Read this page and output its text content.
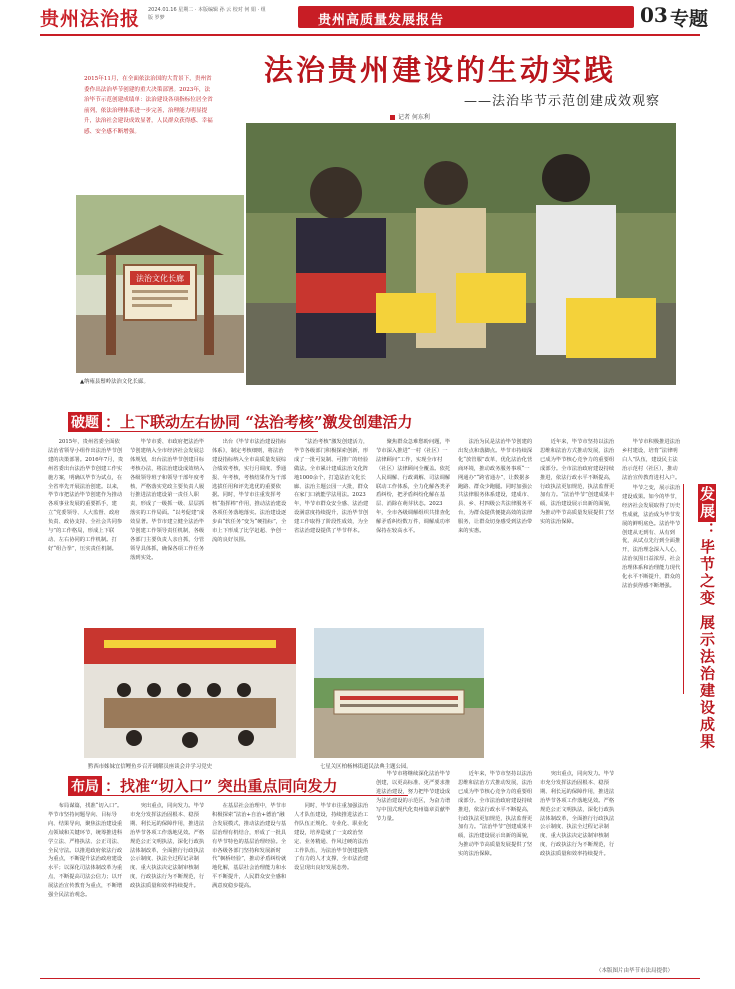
贵州法治报 2024.01.16 星期二 · 本版编辑 孙 云 校对 何 娟 · 组版 罗梦	贵州高质量发展报告	03 专题
法治贵州建设的生动实践
——法治毕节示范创建成效观察
记者 何东利
2015年11月，在全面依法治国的大背景下，贵州省委作出法治毕节创建的重大决策部署。2023年，法治毕节示范创建成绩单：法治建设各项指标位居全省前列，依法治理体系进一步完善，治理能力明显提升，法治社会建设成效显著，人民群众获得感、幸福感、安全感不断增强。
法治文化长廊
▲纳雍县鬃岭法治文化长廊。
破题 ：上下联动左右协同 “法治考核”激发创建活力
2015年，贵州省委全面依法治省领导小组作出法治毕节创建的决策部署。2016年7月，贵州省委出台法治毕节创建工作实施方案，明确以毕节为试点，在全省率先开展法治创建。以来，毕节市把法治毕节创建作为推动各项事业发展的重要抓手，建立“党委领导、人大监督、政府负责、政协支持、全社会共同参与”的工作格局，形成上下联动、左右协同的工作机制。打好“组合拳”，压实责任机制。
毕节市委、市政府把法治毕节创建纳入全市经济社会发展总体规划，出台法治毕节创建目标考核办法，将法治建设成效纳入各级领导班子和领导干部年度考核，严格落实党政主要负责人履行推进法治建设第一责任人职责，形成了一级抓一级、层层抓落实的工作局面。“以考促建”成效显著。毕节市建立健全法治毕节创建工作领导责任机制，各级各部门主要负责人亲自抓，分管领导具体抓，确保各项工作任务落到实处。
出台《毕节市法治建设指标体系》，制定考核细则，将法治建设指标纳入全市高质量发展综合绩效考核，实行月调度、季通报、年考核，考核结果作为干部选拔任用和评先选优的重要依据。同时，毕节市注重发挥考核“指挥棒”作用，推动法治建设各项任务落地落实。法治建设逐步由“软任务”变为“硬指标”，全市上下形成了比学赶超、争创一流的良好氛围。
“法治考核”激发创建活力，毕节各级部门积极探索创新，形成了一批可复制、可推广的经验做法。全市累计建成法治文化阵地1000余个，打造法治文化长廊、法治主题公园一大批，群众在家门口就能学法用法。2023年，毕节市群众安全感、法治建设满意度持续提升，法治毕节创建工作取得了阶段性成效，为全省法治建设提供了毕节样本。
聚焦群众急难愁盼问题，毕节市深入推进“一村（社区）一法律顾问”工作，实现全市村（社区）法律顾问全覆盖。依托人民调解、行政调解、司法调解联动工作体系，全力化解各类矛盾纠纷，把矛盾纠纷化解在基层、消除在萌芽状态。2023年，全市各级调解组织共排查化解矛盾纠纷数万件，调解成功率保持在较高水平。
法治为民是法治毕节创建的出发点和落脚点。毕节市持续深化“放管服”改革，优化法治化营商环境，推动政务服务事项“一网通办”“跨省通办”，让数据多跑路、群众少跑腿。同时加强公共法律服务体系建设，建成市、县、乡、村四级公共法律服务平台，为群众提供便捷高效的法律服务，让群众切身感受到法治带来的实惠。
近年来，毕节市坚持以法治思维和法治方式推动发展，法治已成为毕节核心竞争力的重要组成部分。全市法治政府建设持续推进，依法行政水平不断提高，行政执法更加规范，执法监督更加有力。“法治毕节”创建成果丰硕，法治建设展示出新的面貌，为推动毕节高质量发展提供了坚实的法治保障。
毕节市积极推进法治乡村建设，培育“法律明白人”队伍，建设民主法治示范村（社区），推动法治宣传教育进村入户。
发展：毕节之变 展示法治建设成果
毕节之变，展示法治建设成果。如今的毕节，经济社会发展取得了历史性成就，法治成为毕节发展的鲜明底色。法治毕节创建从无到有、从有到优，从试点先行到全面推开，法治理念深入人心，法治氛围日益浓厚，社会治理体系和治理能力现代化水平不断提升，群众的法治获得感不断增强。
黔西市姊妹宜信鲤鱼乡召开调解员座谈会并学习党史	七星关区柏杨林街道民法典主题公园。
布局 ：找准“切入口” 突出重点同向发力
布局谋篇，找准“切入口”。毕节市坚持问题导向、目标导向、结果导向，聚焦法治建设重点领域和关键环节，统筹推进科学立法、严格执法、公正司法、全民守法。以推进政府依法行政为重点，不断提升法治政府建设水平；以深化司法体制改革为重点，不断提高司法公信力；以开展法治宣传教育为重点，不断增强全民法治观念。
突出重点，同向发力。毕节市充分发挥法治固根本、稳预期、利长远的保障作用，推进法治毕节各项工作落地见效。严格规范公正文明执法，深化行政执法体制改革，全面推行行政执法公示制度、执法全过程记录制度、重大执法决定法制审核制度，行政执法行为不断规范，行政执法质量和效率持续提升。
在基层社会治理中，毕节市积极探索“法治+自治+德治”融合发展模式，推动法治建设与基层治理有机结合，形成了一批具有毕节特色的基层治理经验。全市各级各部门坚持和发展新时代“枫桥经验”，推动矛盾纠纷就地化解，基层社会治理能力和水平不断提升，人民群众安全感和满意度稳步提高。
同时，毕节市注重加强法治人才队伍建设，持续推进法治工作队伍正规化、专业化、职业化建设，培养造就了一支政治坚定、业务精通、作风过硬的法治工作队伍，为法治毕节创建提供了有力的人才支撑，全市法治建设呈现出良好发展态势。
毕节市将继续深化法治毕节创建，以更高标准、更严要求推进法治建设，努力把毕节建设成为法治建设的示范区，为奋力谱写中国式现代化贵州篇章贡献毕节力量。
近年来，毕节市坚持以法治思维和法治方式推动发展，法治已成为毕节核心竞争力的重要组成部分。全市法治政府建设持续推进，依法行政水平不断提高，行政执法更加规范，执法监督更加有力。“法治毕节”创建成果丰硕，法治建设展示出新的面貌，为推动毕节高质量发展提供了坚实的法治保障。
突出重点，同向发力。毕节市充分发挥法治固根本、稳预期、利长远的保障作用，推进法治毕节各项工作落地见效。严格规范公正文明执法，深化行政执法体制改革，全面推行行政执法公示制度、执法全过程记录制度、重大执法决定法制审核制度，行政执法行为不断规范，行政执法质量和效率持续提升。
（本版图片由毕节市法局提供）
